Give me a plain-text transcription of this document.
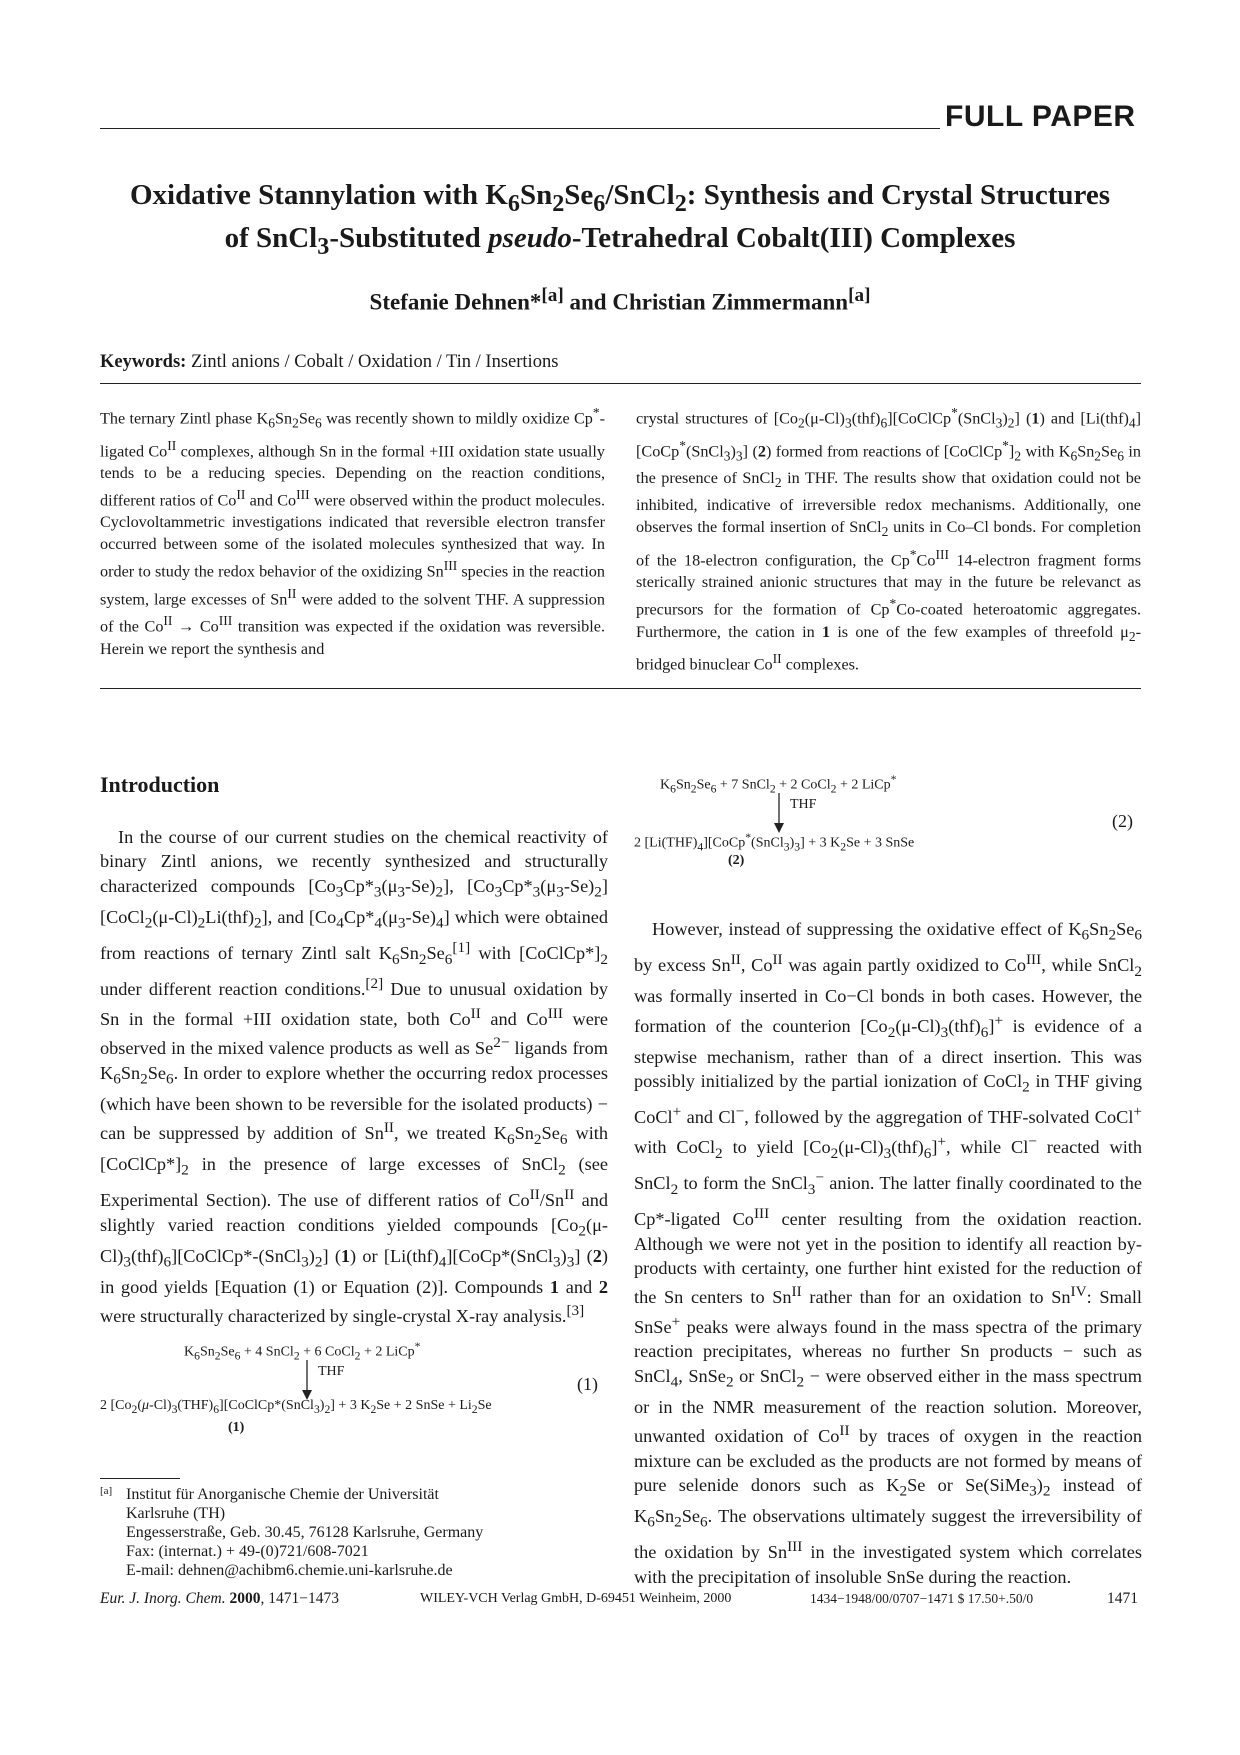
FULL PAPER
Oxidative Stannylation with $K_6Sn_2Se_6/SnCl_2$: Synthesis and Crystal Structures
of SnCl$_3$-Substituted pseudo-Tetrahedral Cobalt(III) Complexes
Stefanie Dehnen*[a] and Christian Zimmermann[a]
Keywords: Zintl anions / Cobalt / Oxidation / Tin / Insertions
The ternary Zintl phase $K_6Sn_2Se_6$ was recently shown to mildly oxidize Cp*-ligated $Co^{II}$ complexes, although Sn in the formal +III oxidation state usually tends to be a reducing species. Depending on the reaction conditions, different ratios of $Co^{II}$ and $Co^{III}$ were observed within the product molecules. Cyclovoltammetric investigations indicated that reversible electron transfer occurred between some of the isolated molecules synthesized that way. In order to study the redox behavior of the oxidizing $Sn^{III}$ species in the reaction system, large excesses of $Sn^{II}$ were added to the solvent THF. A suppression of the $Co^{II} \to Co^{III}$ transition was expected if the oxidation was reversible. Herein we report the synthesis and
crystal structures of $[Co_2(\mu-Cl)_3(thf)_6][CoClCp^*(SnCl_3)_2]$ (1) and $[Li(thf)_4][CoCp^*(SnCl_3)_3]$ (2) formed from reactions of $[CoClCp^*]_2$ with $K_6Sn_2Se_6$ in the presence of SnCl$_2$ in THF. The results show that oxidation could not be inhibited, indicative of irreversible redox mechanisms. Additionally, one observes the formal insertion of SnCl$_2$ units in Co–Cl bonds. For completion of the 18-electron configuration, the $Cp^*Co^{III}$ 14-electron fragment forms sterically strained anionic structures that may in the future be relevanct as precursors for the formation of Cp*Co-coated heteroatomic aggregates. Furthermore, the cation in 1 is one of the few examples of threefold $\mu_2$-bridged binuclear $Co^{II}$ complexes.
Introduction
In the course of our current studies on the chemical reactivity of binary Zintl anions, we recently synthesized and structurally characterized compounds $[Co_3Cp*_3(\mu_3-Se)_2]$, $[Co_3Cp*_3(\mu_3-Se)_2][CoCl_2(\mu-Cl)_2Li(thf)_2]$, and $[Co_4Cp*_4(\mu_3-Se)_4]$ which were obtained from reactions of ternary Zintl salt $K_6Sn_2Se_6[1]$ with $[CoClCp*]_2$ under different reaction conditions.[2] Due to unusual oxidation by Sn in the formal +III oxidation state, both $Co^{II}$ and $Co^{III}$ were observed in the mixed valence products as well as $Se^{2-}$ ligands from $K_6Sn_2Se_6$. In order to explore whether the occurring redox processes (which have been shown to be reversible for the isolated products) − can be suppressed by addition of $Sn^{II}$, we treated $K_6Sn_2Se_6$ with $[CoClCp*]_2$ in the presence of large excesses of SnCl$_2$ (see Experimental Section). The use of different ratios of $Co^{II}/Sn^{II}$ and slightly varied reaction conditions yielded compounds $[Co_2(\mu-Cl)_3(thf)_6][CoClCp*-(SnCl_3)_2]$ (1) or $[Li(thf)_4][CoCp*(SnCl_3)_3]$ (2) in good yields [Equation (1) or Equation (2)]. Compounds 1 and 2 were structurally characterized by single-crystal X-ray analysis.[3]
$K_6Sn_2Se_6 + 4$ SnCl$_2$ + 6 CoCl$_2$ + 2 LiCp*
THF
2 $[Co_2(\mu-Cl)_3(THF)_6][CoClCp*(SnCl_3)_2] + 3$ $K_2Se + 2$ SnSe + $Li_2Se$
(1)
(1)
[a] Institut für Anorganische Chemie der Universität
Karlsruhe (TH)
Engesserstraße, Geb. 30.45, 76128 Karlsruhe, Germany
Fax: (internat.) + 49-(0)721/608-7021
E-mail: dehnen@achibm6.chemie.uni-karlsruhe.de
$K_6Sn_2Se_6 + 7$ SnCl$_2$ + 2 CoCl$_2$ + 2 LiCp*
THF
2 $[Li(THF)_4][CoCp^*(SnCl_3)_3] + 3$ $K_2Se + 3$ SnSe
(2)
(2)
However, instead of suppressing the oxidative effect of $K_6Sn_2Se_6$ by excess $Sn^{II}$, $Co^{II}$ was again partly oxidized to $Co^{III}$, while SnCl$_2$ was formally inserted in Co−Cl bonds in both cases. However, the formation of the counterion $[Co_2(\mu-Cl)_3(thf)_6]^+$ is evidence of a stepwise mechanism, rather than of a direct insertion. This was possibly initialized by the partial ionization of CoCl$_2$ in THF giving CoCl+ and Cl−, followed by the aggregation of THF-solvated CoCl+ with CoCl$_2$ to yield $[Co_2(\mu-Cl)_3(thf)_6]^+$, while Cl− reacted with SnCl$_2$ to form the SnCl$_3$− anion. The latter finally coordinated to the Cp*-ligated $Co^{III}$ center resulting from the oxidation reaction. Although we were not yet in the position to identify all reaction by-products with certainty, one further hint existed for the reduction of the Sn centers to $Sn^{II}$ rather than for an oxidation to $Sn^{IV}$: Small SnSe+ peaks were always found in the mass spectra of the primary reaction precipitates, whereas no further Sn products − such as SnCl$_4$, SnSe$_2$ or SnCl$_2$ − were observed either in the mass spectrum or in the NMR measurement of the reaction solution. Moreover, unwanted oxidation of $Co^{II}$ by traces of oxygen in the reaction mixture can be excluded as the products are not formed by means of pure selenide donors such as $K_2Se$ or $Se(SiMe_3)_2$ instead of $K_6Sn_2Se_6$. The observations ultimately suggest the irreversibility of the oxidation by $Sn^{III}$ in the investigated system which correlates with the precipitation of insoluble SnSe during the reaction.
Eur. J. Inorg. Chem. 2000, 1471−1473	WILEY-VCH Verlag GmbH, D-69451 Weinheim, 2000	1434−1948/00/0707−1471 $ 17.50+.50/0	1471
